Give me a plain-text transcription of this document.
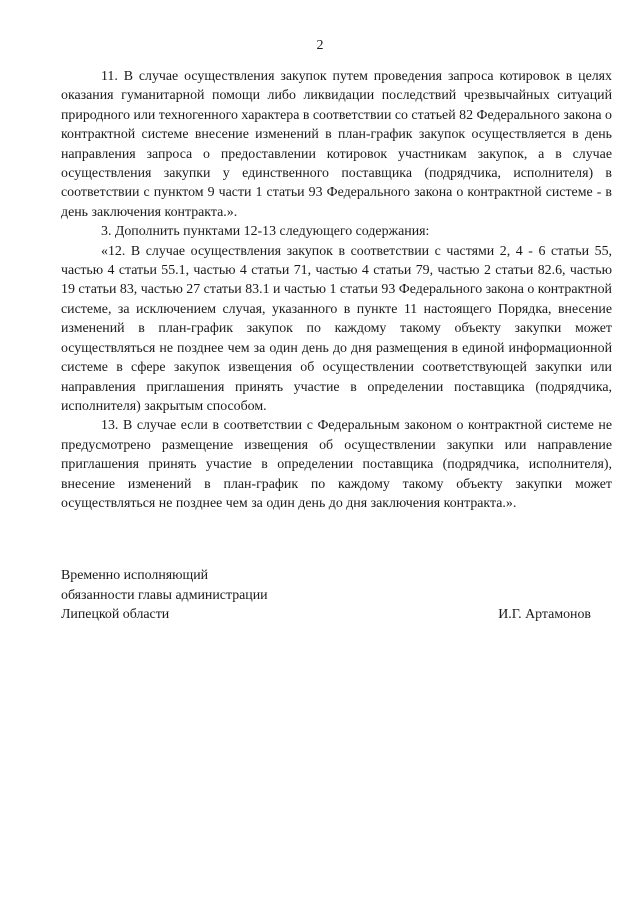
2

11. В случае осуществления закупок путем проведения запроса котировок в целях оказания гуманитарной помощи либо ликвидации последствий чрезвычайных ситуаций природного или техногенного характера в соответствии со статьей 82 Федерального закона о контрактной системе внесение изменений в план-график закупок осуществляется в день направления запроса о предоставлении котировок участникам закупок, а в случае осуществления закупки у единственного поставщика (подрядчика, исполнителя) в соответствии с пунктом 9 части 1 статьи 93 Федерального закона о контрактной системе - в день заключения контракта.».

3. Дополнить пунктами 12-13 следующего содержания:

«12. В случае осуществления закупок в соответствии с частями 2, 4 - 6 статьи 55, частью 4 статьи 55.1, частью 4 статьи 71, частью 4 статьи 79, частью 2 статьи 82.6, частью 19 статьи 83, частью 27 статьи 83.1 и частью 1 статьи 93 Федерального закона о контрактной системе, за исключением случая, указанного в пункте 11 настоящего Порядка, внесение изменений в план-график закупок по каждому такому объекту закупки может осуществляться не позднее чем за один день до дня размещения в единой информационной системе в сфере закупок извещения об осуществлении соответствующей закупки или направления приглашения принять участие в определении поставщика (подрядчика, исполнителя) закрытым способом.

13. В случае если в соответствии с Федеральным законом о контрактной системе не предусмотрено размещение извещения об осуществлении закупки или направление приглашения принять участие в определении поставщика (подрядчика, исполнителя), внесение изменений в план-график по каждому такому объекту закупки может осуществляться не позднее чем за один день до дня заключения контракта.».

Временно исполняющий
обязанности главы администрации
Липецкой области	И.Г. Артамонов
